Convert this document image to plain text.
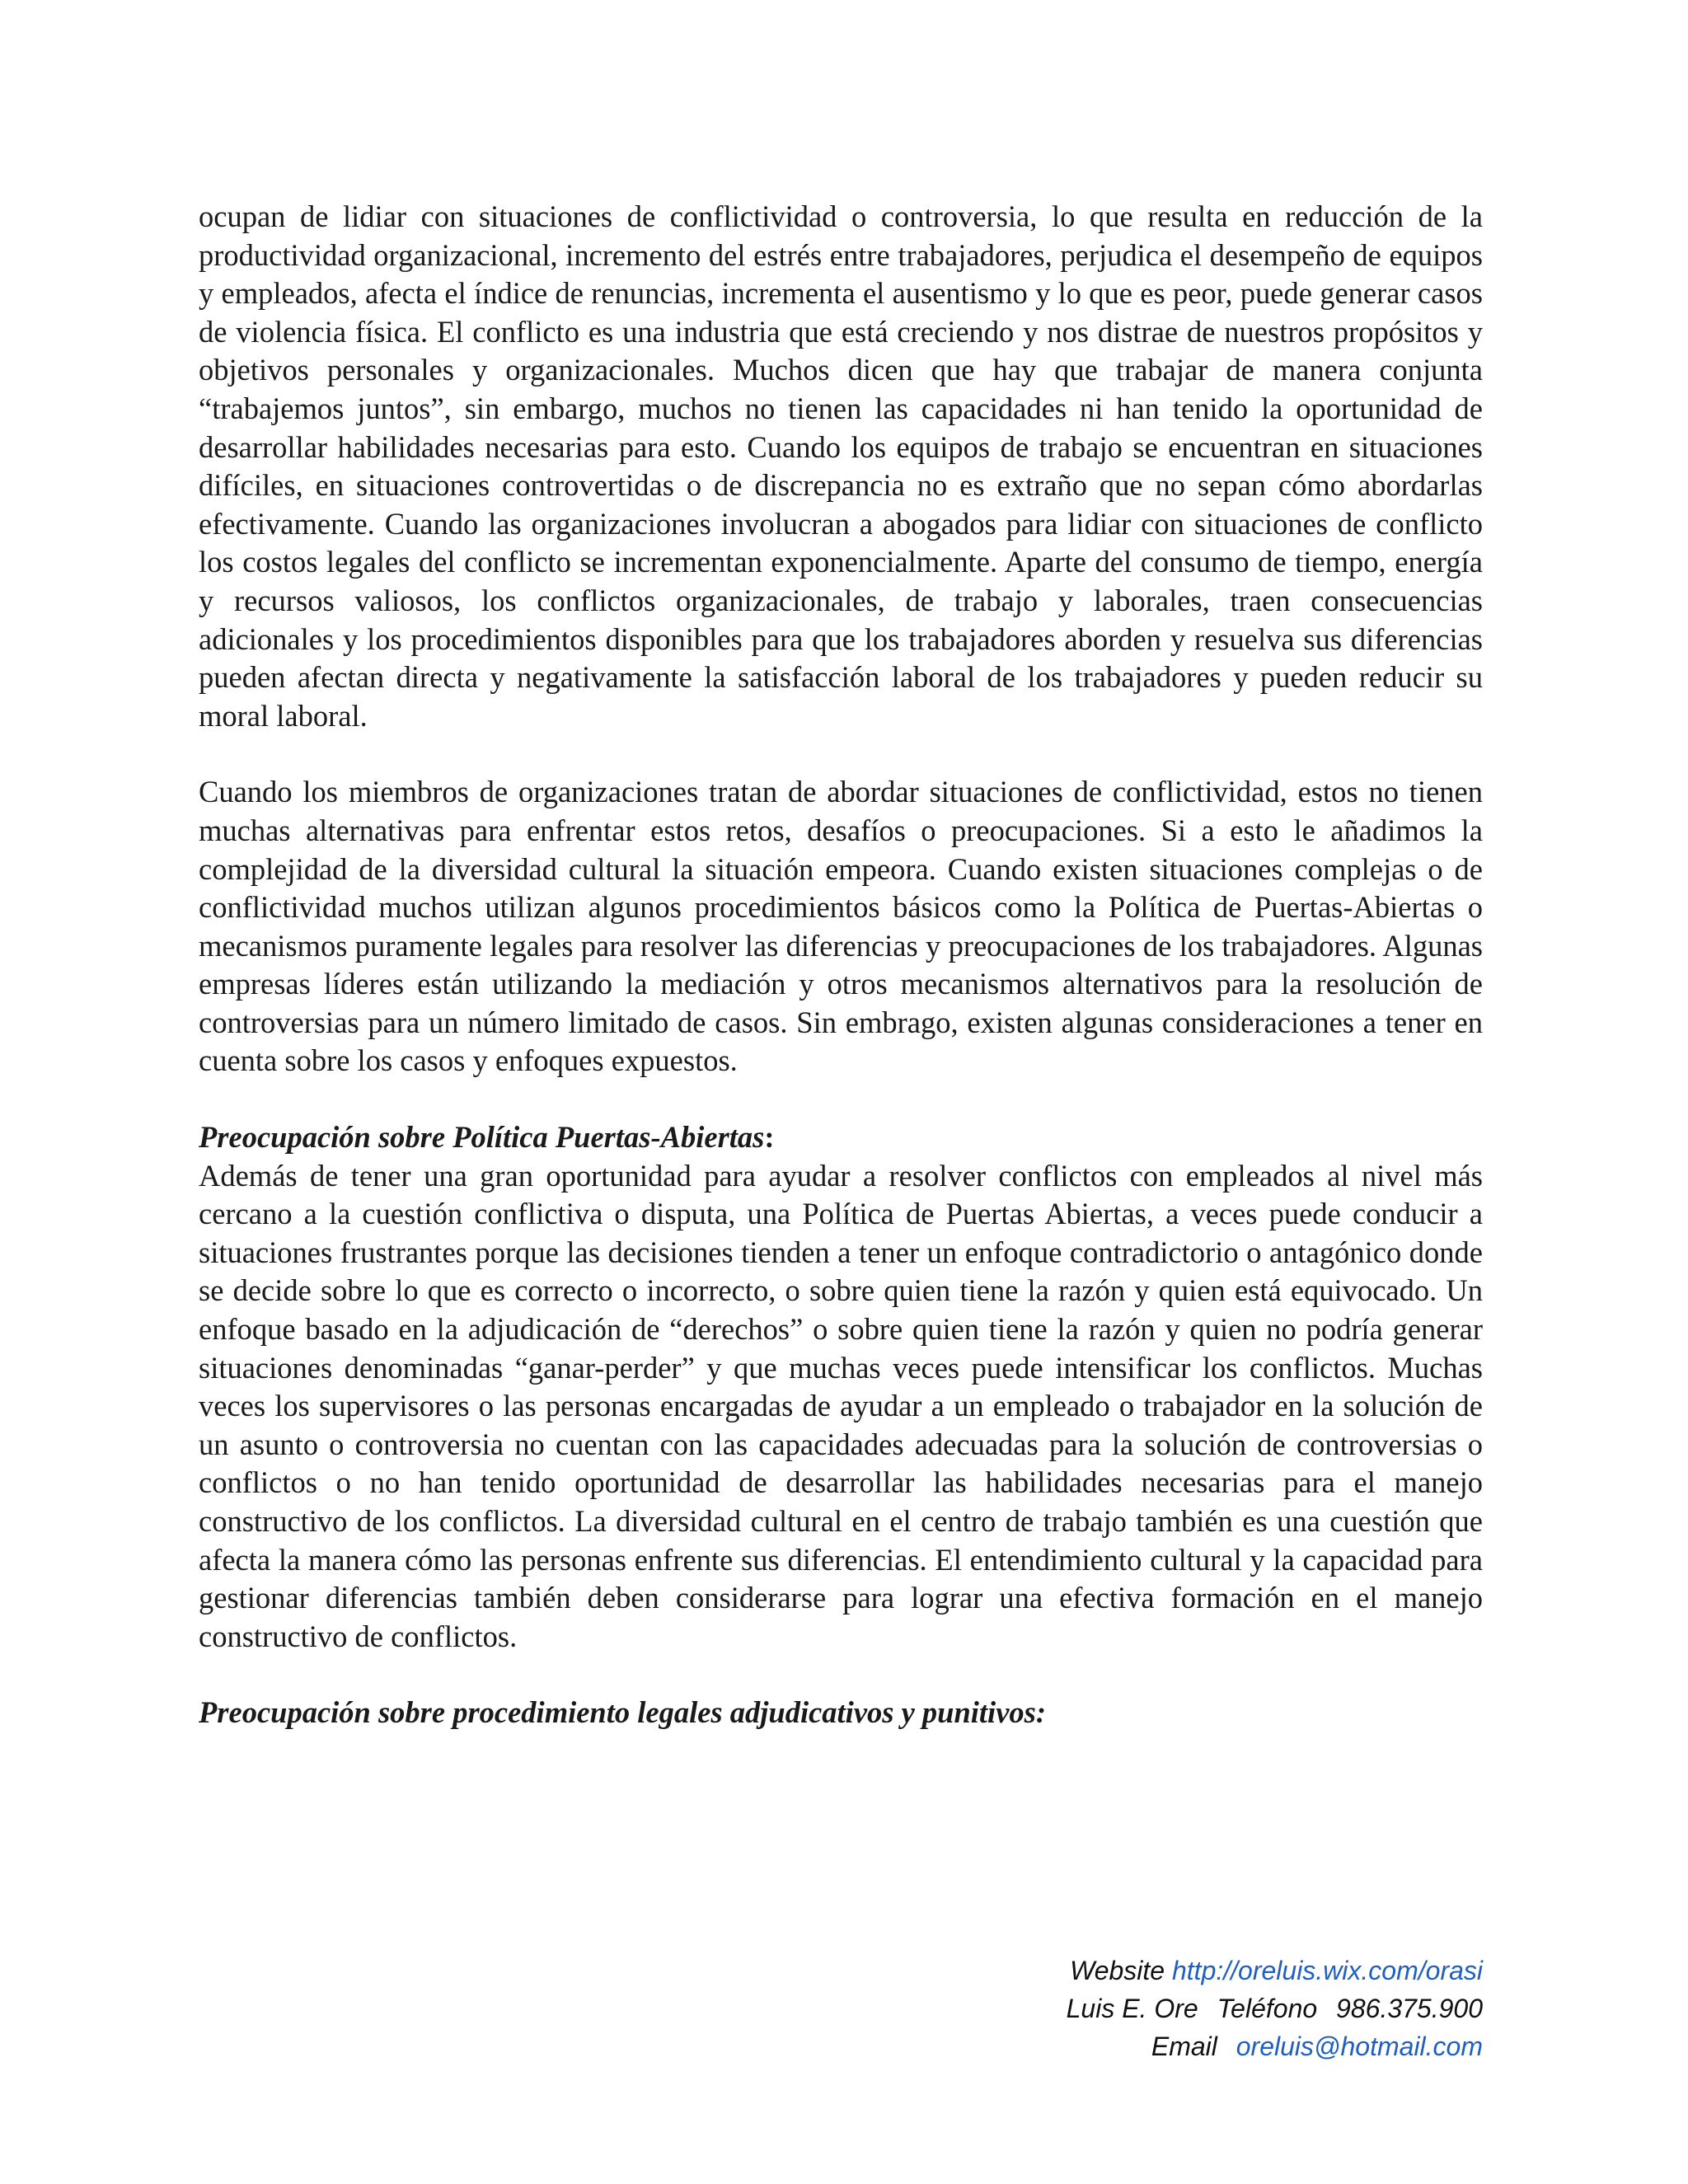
ocupan de lidiar con situaciones de conflictividad o controversia, lo que resulta en reducción de la productividad organizacional, incremento del estrés entre trabajadores, perjudica el desempeño de equipos y empleados, afecta el índice de renuncias, incrementa el ausentismo y lo que es peor, puede generar casos de violencia física. El conflicto es una industria que está creciendo y nos distrae de nuestros propósitos y objetivos personales y organizacionales. Muchos dicen que hay que trabajar de manera conjunta “trabajemos juntos”, sin embargo, muchos no tienen las capacidades ni han tenido la oportunidad de desarrollar habilidades necesarias para esto. Cuando los equipos de trabajo se encuentran en situaciones difíciles, en situaciones controvertidas o de discrepancia no es extraño que no sepan cómo abordarlas efectivamente. Cuando las organizaciones involucran a abogados para lidiar con situaciones de conflicto los costos legales del conflicto se incrementan exponencialmente. Aparte del consumo de tiempo, energía y recursos valiosos, los conflictos organizacionales, de trabajo y laborales, traen consecuencias adicionales y los procedimientos disponibles para que los trabajadores aborden y resuelva sus diferencias pueden afectan directa y negativamente la satisfacción laboral de los trabajadores y pueden reducir su moral laboral.

Cuando los miembros de organizaciones tratan de abordar situaciones de conflictividad, estos no tienen muchas alternativas para enfrentar estos retos, desafíos o preocupaciones. Si a esto le añadimos la complejidad de la diversidad cultural la situación empeora. Cuando existen situaciones complejas o de conflictividad muchos utilizan algunos procedimientos básicos como la Política de Puertas-Abiertas o mecanismos puramente legales para resolver las diferencias y preocupaciones de los trabajadores. Algunas empresas líderes están utilizando la mediación y otros mecanismos alternativos para la resolución de controversias para un número limitado de casos. Sin embrago, existen algunas consideraciones a tener en cuenta sobre los casos y enfoques expuestos.

Preocupación sobre Política Puertas-Abiertas:

Además de tener una gran oportunidad para ayudar a resolver conflictos con empleados al nivel más cercano a la cuestión conflictiva o disputa, una Política de Puertas Abiertas, a veces puede conducir a situaciones frustrantes porque las decisiones tienden a tener un enfoque contradictorio o antagónico donde se decide sobre lo que es correcto o incorrecto, o sobre quien tiene la razón y quien está equivocado. Un enfoque basado en la adjudicación de “derechos” o sobre quien tiene la razón y quien no podría generar situaciones denominadas “ganar-perder” y que muchas veces puede intensificar los conflictos. Muchas veces los supervisores o las personas encargadas de ayudar a un empleado o trabajador en la solución de un asunto o controversia no cuentan con las capacidades adecuadas para la solución de controversias o conflictos o no han tenido oportunidad de desarrollar las habilidades necesarias para el manejo constructivo de los conflictos. La diversidad cultural en el centro de trabajo también es una cuestión que afecta la manera cómo las personas enfrente sus diferencias. El entendimiento cultural y la capacidad para gestionar diferencias también deben considerarse para lograr una efectiva formación en el manejo constructivo de conflictos.

Preocupación sobre procedimiento legales adjudicativos y punitivos:
Website http://oreluis.wix.com/orasi
Luis E. Ore Teléfono 986.375.900
Email oreluis@hotmail.com
